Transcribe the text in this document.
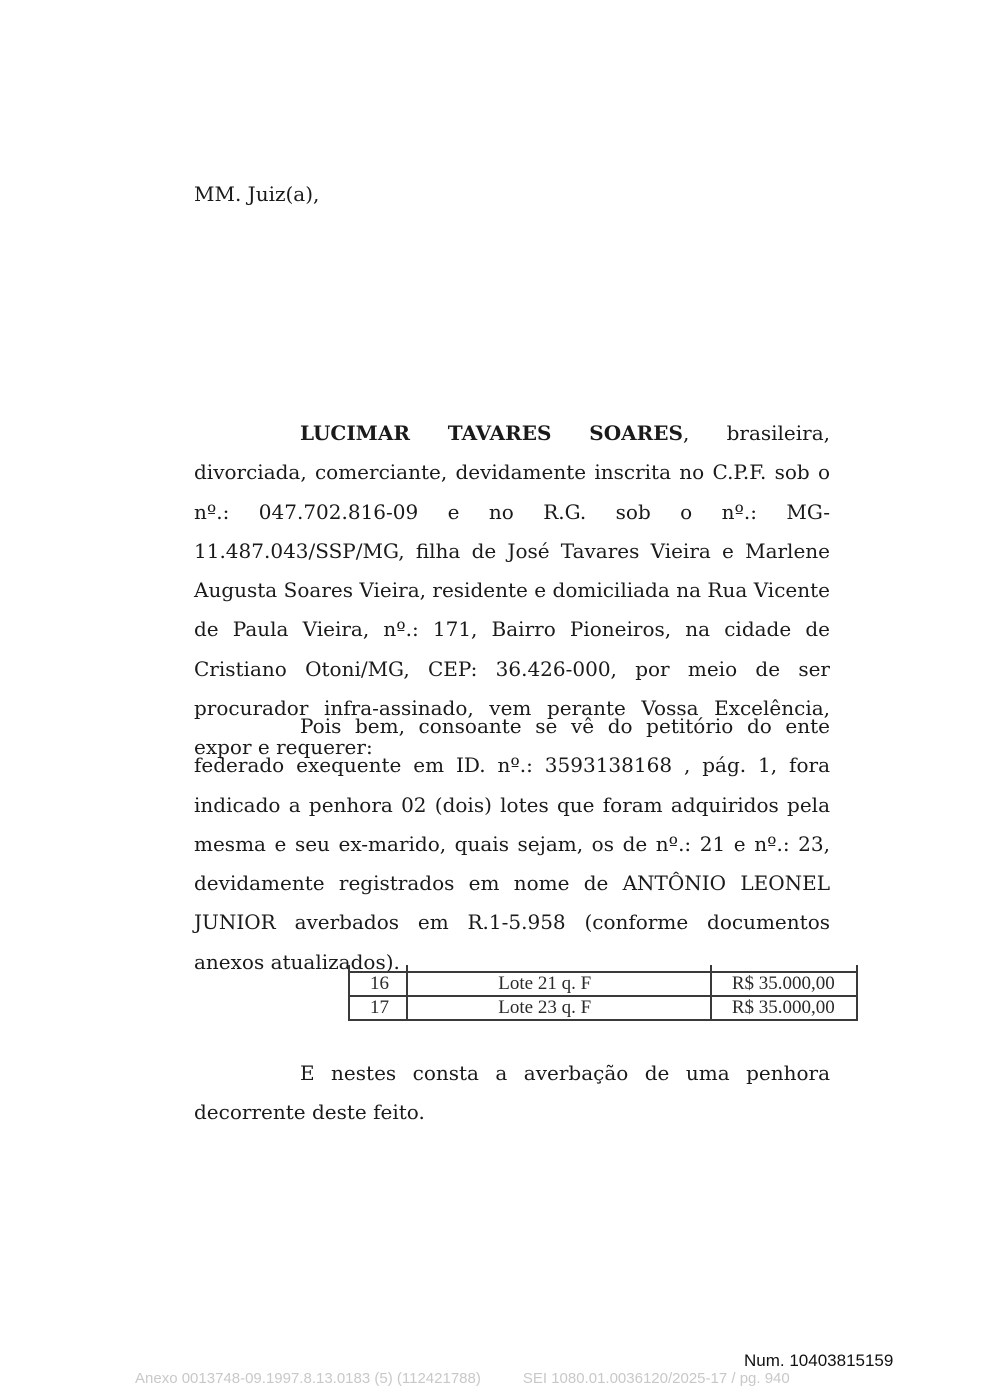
MM. Juiz(a),

LUCIMAR TAVARES SOARES, brasileira, divorciada, comerciante, devidamente inscrita no C.P.F. sob o nº.: 047.702.816-09 e no R.G. sob o nº.: MG-11.487.043/SSP/MG, filha de José Tavares Vieira e Marlene Augusta Soares Vieira, residente e domiciliada na Rua Vicente de Paula Vieira, nº.: 171, Bairro Pioneiros, na cidade de Cristiano Otoni/MG, CEP: 36.426-000, por meio de ser procurador infra-assinado, vem perante Vossa Excelência, expor e requerer:

Pois bem, consoante se vê do petitório do ente federado exequente em ID. nº.: 3593138168 , pág. 1, fora indicado a penhora 02 (dois) lotes que foram adquiridos pela mesma e seu ex-marido, quais sejam, os de nº.: 21 e nº.: 23, devidamente registrados em nome de ANTÔNIO LEONEL JUNIOR averbados em R.1-5.958 (conforme documentos anexos atualizados).

16	Lote 21 q. F	R$ 35.000,00
17	Lote 23 q. F	R$ 35.000,00

E nestes consta a averbação de uma penhora decorrente deste feito.

Num. 10403815159

Anexo 0013748-09.1997.8.13.0183 (5) (112421788)	SEI 1080.01.0036120/2025-17 / pg. 940
